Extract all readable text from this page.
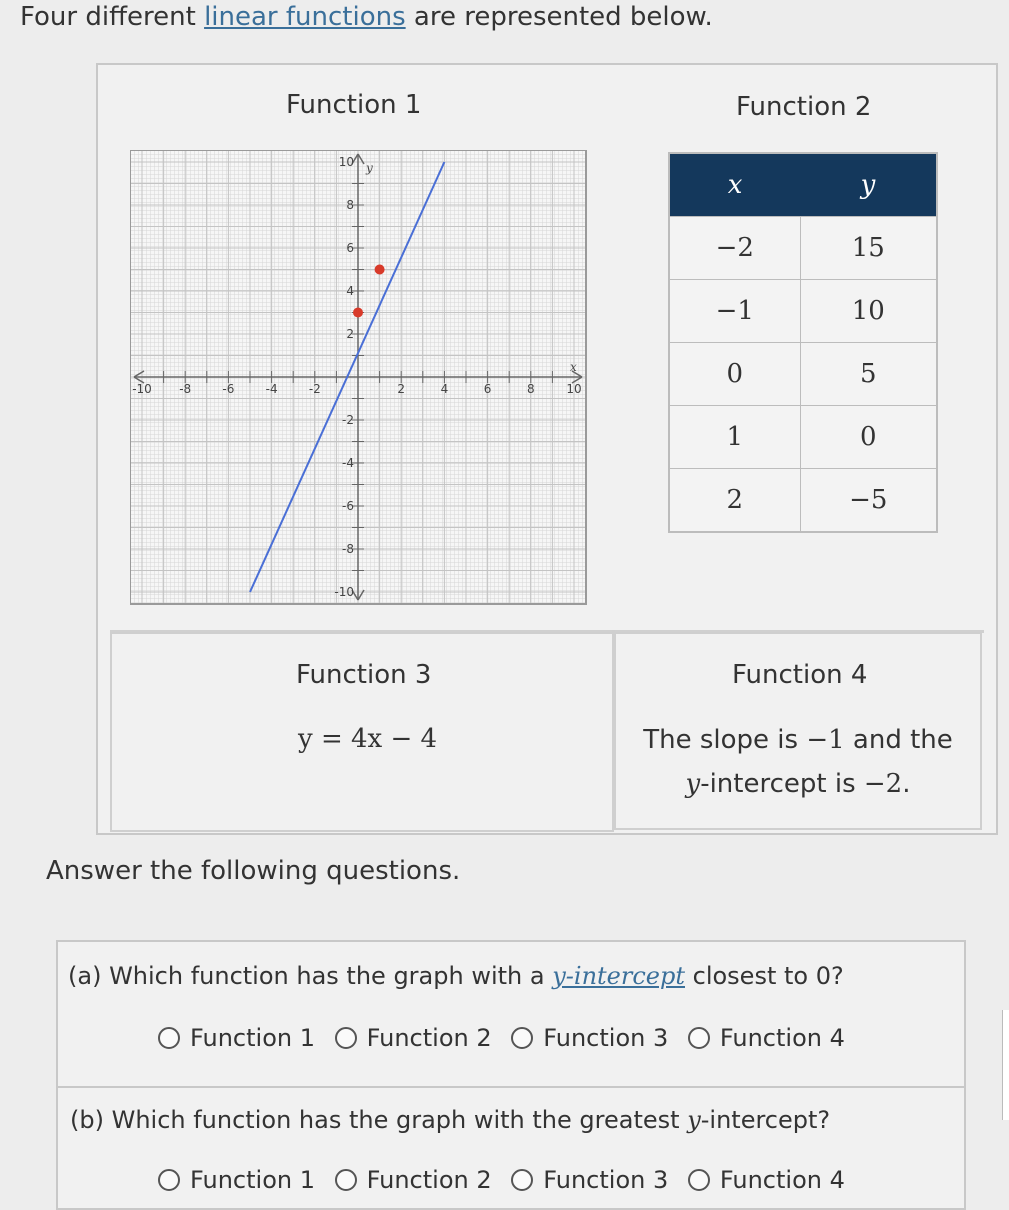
Four different linear functions are represented below.
Function 1
-10 -8	-6	-4	-2	2	4	6	8	10
10
8
6
4
2
-2
-4
-6
-8
-10
x
y
Function 2
x	y
−2	15
−1	10
0	5
1	0
2	−5
Function 3
y = 4x − 4
Function 4
The slope is −1 and the
y-intercept is −2.
Answer the following questions.
(a) Which function has the graph with a y-intercept closest to 0?
Function 1
Function 2
Function 3
Function 4
(b) Which function has the graph with the greatest y-intercept?
Function 1
Function 2
Function 3
Function 4
